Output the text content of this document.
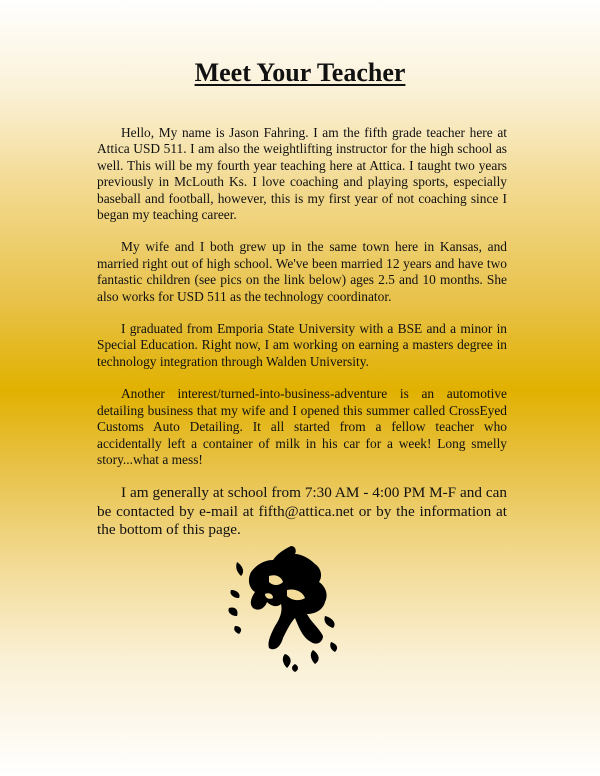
Meet Your Teacher

Hello, My name is Jason Fahring. I am the fifth grade teacher here at Attica USD 511. I am also the weightlifting instructor for the high school as well. This will be my fourth year teaching here at Attica. I taught two years previously in McLouth Ks. I love coaching and playing sports, especially baseball and football, however, this is my first year of not coaching since I began my teaching career.

My wife and I both grew up in the same town here in Kansas, and married right out of high school. We've been married 12 years and have two fantastic children (see pics on the link below) ages 2.5 and 10 months. She also works for USD 511 as the technology coordinator.

I graduated from Emporia State University with a BSE and a minor in Special Education. Right now, I am working on earning a masters degree in technology integration through Walden University.

Another interest/turned-into-business-adventure is an automotive detailing business that my wife and I opened this summer called CrossEyed Customs Auto Detailing. It all started from a fellow teacher who accidentally left a container of milk in his car for a week! Long smelly story...what a mess!

I am generally at school from 7:30 AM - 4:00 PM M-F and can be contacted by e-mail at fifth@attica.net or by the information at the bottom of this page.
